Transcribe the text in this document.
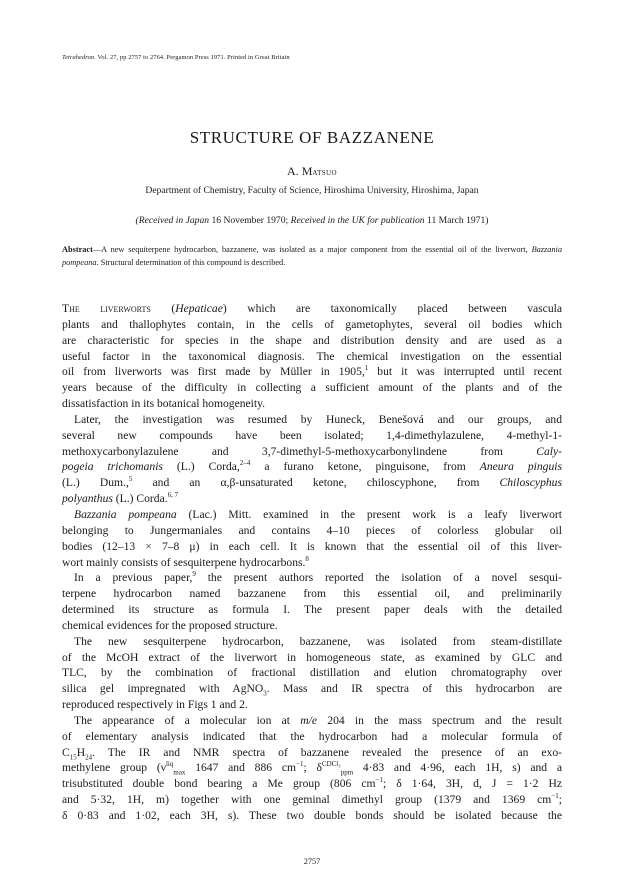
Tetrahedron. Vol. 27, pp 2757 to 2764. Pergamon Press 1971. Printed in Great Britain
STRUCTURE OF BAZZANENE
A. Matsuo
Department of Chemistry, Faculty of Science, Hiroshima University, Hiroshima, Japan
(Received in Japan 16 November 1970; Received in the UK for publication 11 March 1971)
Abstract—A new sequiterpene hydrocarbon, bazzanene, was isolated as a major component from the essential oil of the liverwort, Bazzania pompeana. Structural determination of this compound is described.
The liverworts (Hepaticae) which are taxonomically placed between vascula
plants and thallophytes contain, in the cells of gametophytes, several oil bodies which
are characteristic for species in the shape and distribution density and are used as a
useful factor in the taxonomical diagnosis. The chemical investigation on the essential
oil from liverworts was first made by Müller in 1905,$^1$ but it was interrupted until recent
years because of the difficulty in collecting a sufficient amount of the plants and of the
dissatisfaction in its botanical homogeneity.
Later, the investigation was resumed by Huneck, Benešová and our groups, and
several new compounds have been isolated; 1,4-dimethylazulene, 4-methyl-1-
methoxycarbonylazulene and 3,7-dimethyl-5-methoxycarbonylindene from Caly-
pogeia trichomanis (L.) Corda,$^{2-4}$ a furano ketone, pinguisone, from Aneura pinguis
(L.) Dum.,$^5$ and an α,β-unsaturated ketone, chiloscyphone, from Chiloscyphus
polyanthus (L.) Corda.$^{6, 7}$
Bazzania pompeana (Lac.) Mitt. examined in the present work is a leafy liverwort
belonging to Jungermaniales and contains 4–10 pieces of colorless globular oil
bodies (12–13 × 7–8 μ) in each cell. It is known that the essential oil of this liver-
wort mainly consists of sesquiterpene hydrocarbons.$^8$
In a previous paper,$^9$ the present authors reported the isolation of a novel sesqui-
terpene hydrocarbon named bazzanene from this essential oil, and preliminarily
determined its structure as formula I. The present paper deals with the detailed
chemical evidences for the proposed structure.
The new sesquiterpene hydrocarbon, bazzanene, was isolated from steam-distillate
of the McOH extract of the liverwort in homogeneous state, as examined by GLC and
TLC, by the combination of fractional distillation and elution chromatography over
silica gel impregnated with AgNO$_3$. Mass and IR spectra of this hydrocarbon are
reproduced respectively in Figs 1 and 2.
The appearance of a molecular ion at m/e 204 in the mass spectrum and the result
of elementary analysis indicated that the hydrocarbon had a molecular formula of
$C_{15}H_{24}$. The IR and NMR spectra of bazzanene revealed the presence of an exo-
methylene group ($\nu^{liq}_{max}$ 1647 and 886 $cm^{-1}$; $\delta^{CDCl_3}_{ppm}$ 4·83 and 4·96, each 1H, s) and a
trisubstituted double bond bearing a Me group (806 $cm^{-1}$; δ 1·64, 3H, d, J = 1·2 Hz
and 5·32, 1H, m) together with one geminal dimethyl group (1379 and 1369 $cm^{-1}$;
δ 0·83 and 1·02, each 3H, s). These two double bonds should be isolated because the
2757
